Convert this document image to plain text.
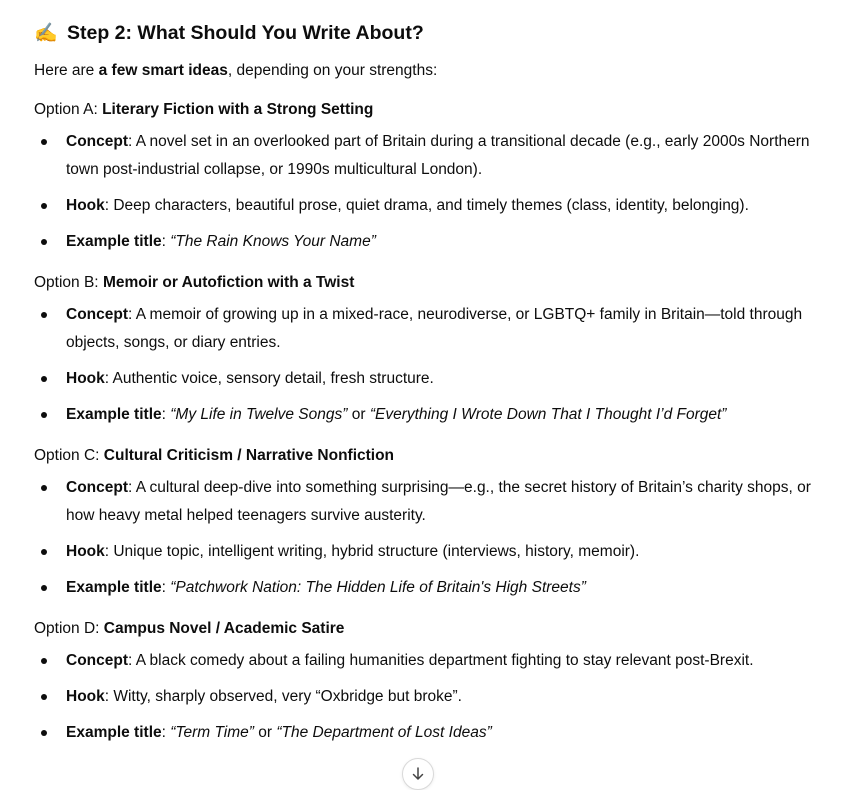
✍️ Step 2: What Should You Write About?

Here are a few smart ideas, depending on your strengths:

Option A: Literary Fiction with a Strong Setting

Concept: A novel set in an overlooked part of Britain during a transitional decade (e.g., early 2000s Northern town post-industrial collapse, or 1990s multicultural London).
Hook: Deep characters, beautiful prose, quiet drama, and timely themes (class, identity, belonging).
Example title: “The Rain Knows Your Name”

Option B: Memoir or Autofiction with a Twist

Concept: A memoir of growing up in a mixed-race, neurodiverse, or LGBTQ+ family in Britain—told through objects, songs, or diary entries.
Hook: Authentic voice, sensory detail, fresh structure.
Example title: “My Life in Twelve Songs” or “Everything I Wrote Down That I Thought I’d Forget”

Option C: Cultural Criticism / Narrative Nonfiction

Concept: A cultural deep-dive into something surprising—e.g., the secret history of Britain’s charity shops, or how heavy metal helped teenagers survive austerity.
Hook: Unique topic, intelligent writing, hybrid structure (interviews, history, memoir).
Example title: “Patchwork Nation: The Hidden Life of Britain's High Streets”

Option D: Campus Novel / Academic Satire

Concept: A black comedy about a failing humanities department fighting to stay relevant post-Brexit.
Hook: Witty, sharply observed, very “Oxbridge but broke”.
Example title: “Term Time” or “The Department of Lost Ideas”
